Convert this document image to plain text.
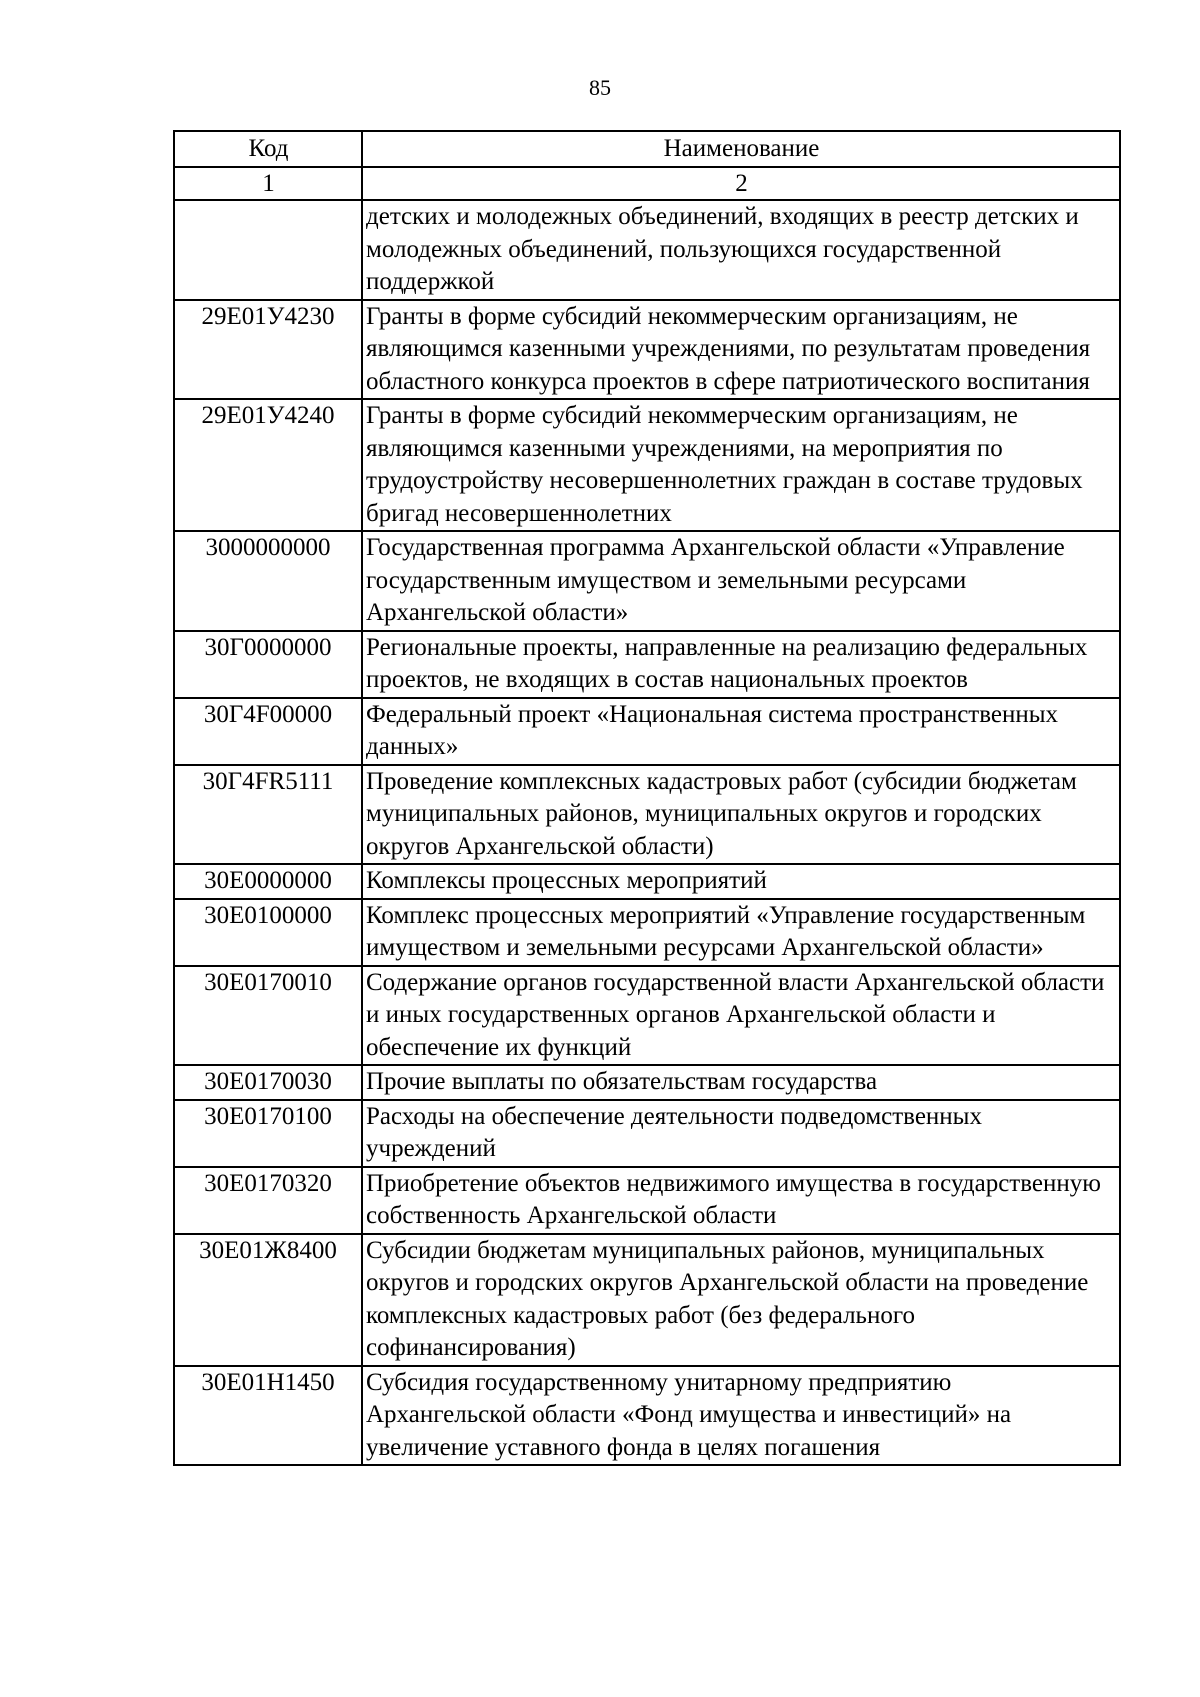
85
Код	Наименование
1	2
	детских и молодежных объединений, входящих в реестр детских и молодежных объединений, пользующихся государственной поддержкой
29Е01У4230	Гранты в форме субсидий некоммерческим организациям, не являющимся казенными учреждениями, по результатам проведения областного конкурса проектов в сфере патриотического воспитания
29Е01У4240	Гранты в форме субсидий некоммерческим организациям, не являющимся казенными учреждениями, на мероприятия по трудоустройству несовершеннолетних граждан в составе трудовых бригад несовершеннолетних
3000000000	Государственная программа Архангельской области «Управление государственным имуществом и земельными ресурсами Архангельской области»
30Г0000000	Региональные проекты, направленные на реализацию федеральных проектов, не входящих в состав национальных проектов
30Г4F00000	Федеральный проект «Национальная система пространственных данных»
30Г4FR5111	Проведение комплексных кадастровых работ (субсидии бюджетам муниципальных районов, муниципальных округов и городских округов Архангельской области)
30Е0000000	Комплексы процессных мероприятий
30Е0100000	Комплекс процессных мероприятий «Управление государственным имуществом и земельными ресурсами Архангельской области»
30Е0170010	Содержание органов государственной власти Архангельской области и иных государственных органов Архангельской области и обеспечение их функций
30Е0170030	Прочие выплаты по обязательствам государства
30Е0170100	Расходы на обеспечение деятельности подведомственных учреждений
30Е0170320	Приобретение объектов недвижимого имущества в государственную собственность Архангельской области
30Е01Ж8400	Субсидии бюджетам муниципальных районов, муниципальных округов и городских округов Архангельской области на проведение комплексных кадастровых работ (без федерального софинансирования)
30Е01Н1450	Субсидия государственному унитарному предприятию Архангельской области «Фонд имущества и инвестиций» на увеличение уставного фонда в целях погашения
